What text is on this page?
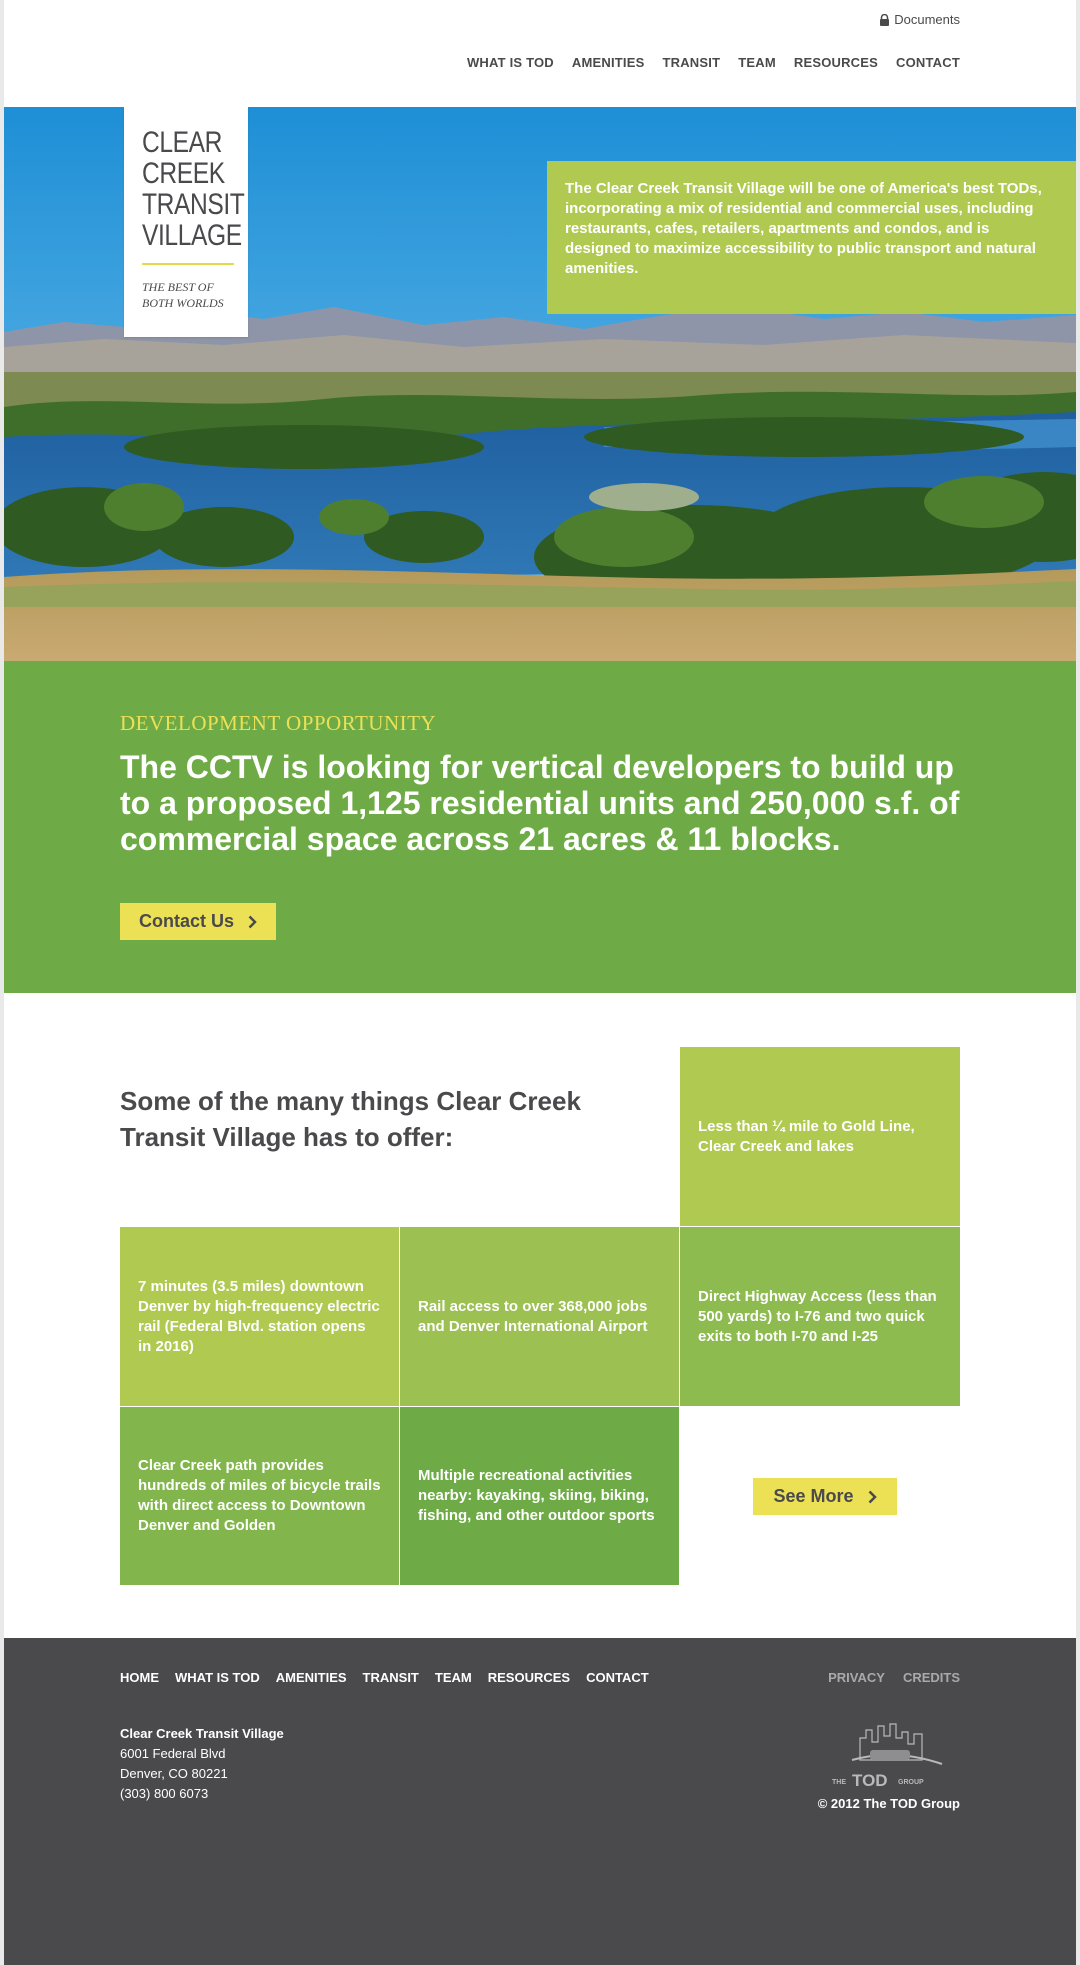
Documents
WHAT IS TOD AMENITIES TRANSIT TEAM RESOURCES CONTACT
CLEAR
CREEK
TRANSIT
VILLAGE
THE BEST OF
BOTH WORLDS
The Clear Creek Transit Village will be one of America's best TODs, incorporating a mix of residential and commercial uses, including restaurants, cafes, retailers, apartments and condos, and is designed to maximize accessibility to public transport and natural amenities.
DEVELOPMENT OPPORTUNITY
The CCTV is looking for vertical developers to build up to a proposed 1,125 residential units and 250,000 s.f. of commercial space across 21 acres & 11 blocks.
Contact Us
Some of the many things Clear Creek Transit Village has to offer:	Less than ¼ mile to Gold Line, Clear Creek and lakes
7 minutes (3.5 miles) downtown Denver by high-frequency electric rail (Federal Blvd. station opens in 2016)
Rail access to over 368,000 jobs and Denver International Airport
Direct Highway Access (less than 500 yards) to I-76 and two quick exits to both I-70 and I-25
Clear Creek path provides hundreds of miles of bicycle trails with direct access to Downtown Denver and Golden
Multiple recreational activities nearby: kayaking, skiing, biking, fishing, and other outdoor sports
See More
HOME WHAT IS TOD AMENITIES TRANSIT TEAM RESOURCES CONTACT	PRIVACY CREDITS
Clear Creek Transit Village
6001 Federal Blvd
Denver, CO 80221
(303) 800 6073
THE TOD GROUP
© 2012 The TOD Group
